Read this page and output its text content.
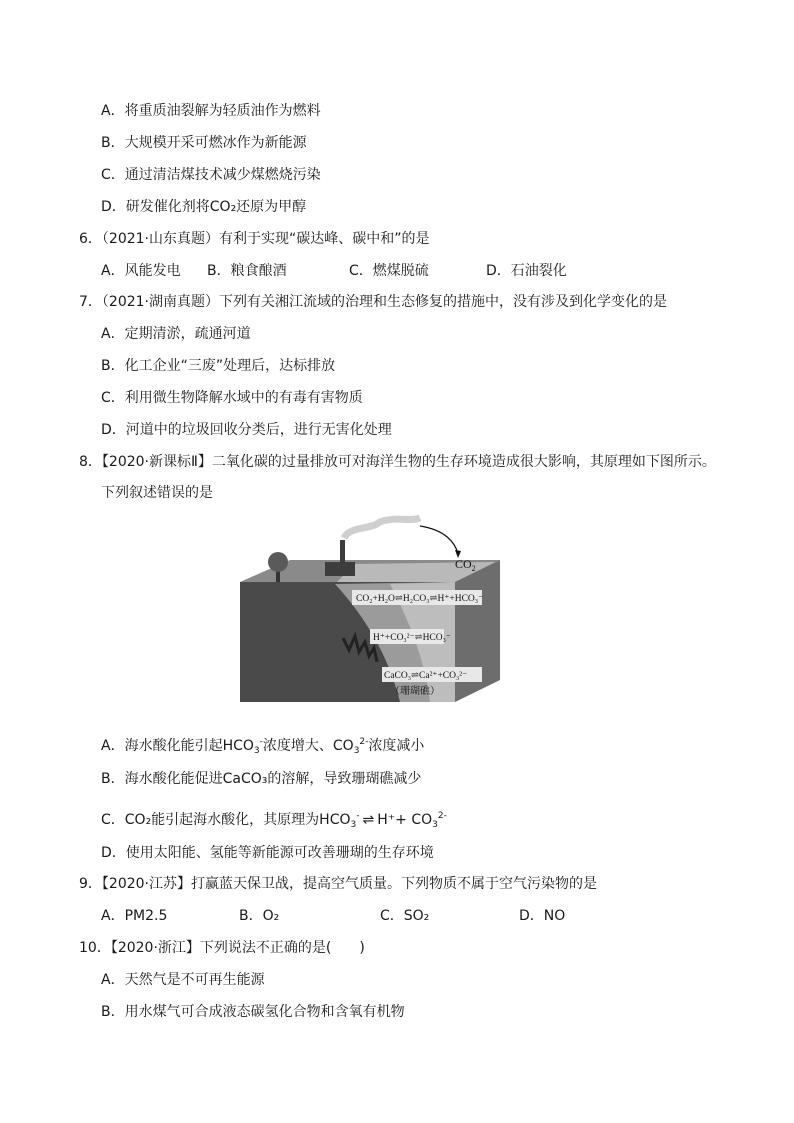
A．将重质油裂解为轻质油作为燃料
B．大规模开采可燃冰作为新能源
C．通过清洁煤技术减少煤燃烧污染
D．研发催化剂将CO₂还原为甲醇
6．（2021·山东真题）有利于实现“碳达峰、碳中和”的是
A．风能发电	B．粮食酿酒	C．燃煤脱硫	D．石油裂化
7．（2021·湖南真题）下列有关湘江流域的治理和生态修复的措施中，没有涉及到化学变化的是
A．定期清淤，疏通河道
B．化工企业“三废”处理后，达标排放
C．利用微生物降解水域中的有毒有害物质
D．河道中的垃圾回收分类后，进行无害化处理
8．【2020·新课标Ⅱ】二氧化碳的过量排放可对海洋生物的生存环境造成很大影响，其原理如下图所示。
下列叙述错误的是
$CO_2$
CO₂+H₂O⇌H₂CO₃⇌H⁺+HCO₃⁻
H⁺+CO₃²⁻⇌HCO₃⁻
CaCO₃⇌Ca²⁺+CO₃²⁻
（珊瑚礁）
A．海水酸化能引起$HCO_3^-$浓度增大、$CO_3^{2-}$浓度减小
B．海水酸化能促进CaCO₃的溶解，导致珊瑚礁减少
C．CO₂能引起海水酸化，其原理为$HCO_3^-$ ⇌ $H^++ CO_3^{2-}$
D．使用太阳能、氢能等新能源可改善珊瑚的生存环境
9．【2020·江苏】打赢蓝天保卫战，提高空气质量。下列物质不属于空气污染物的是
A．PM2.5	B．O₂	C．SO₂	D．NO
10．【2020·浙江】下列说法不正确的是(　　)
A．天然气是不可再生能源
B．用水煤气可合成液态碳氢化合物和含氧有机物
